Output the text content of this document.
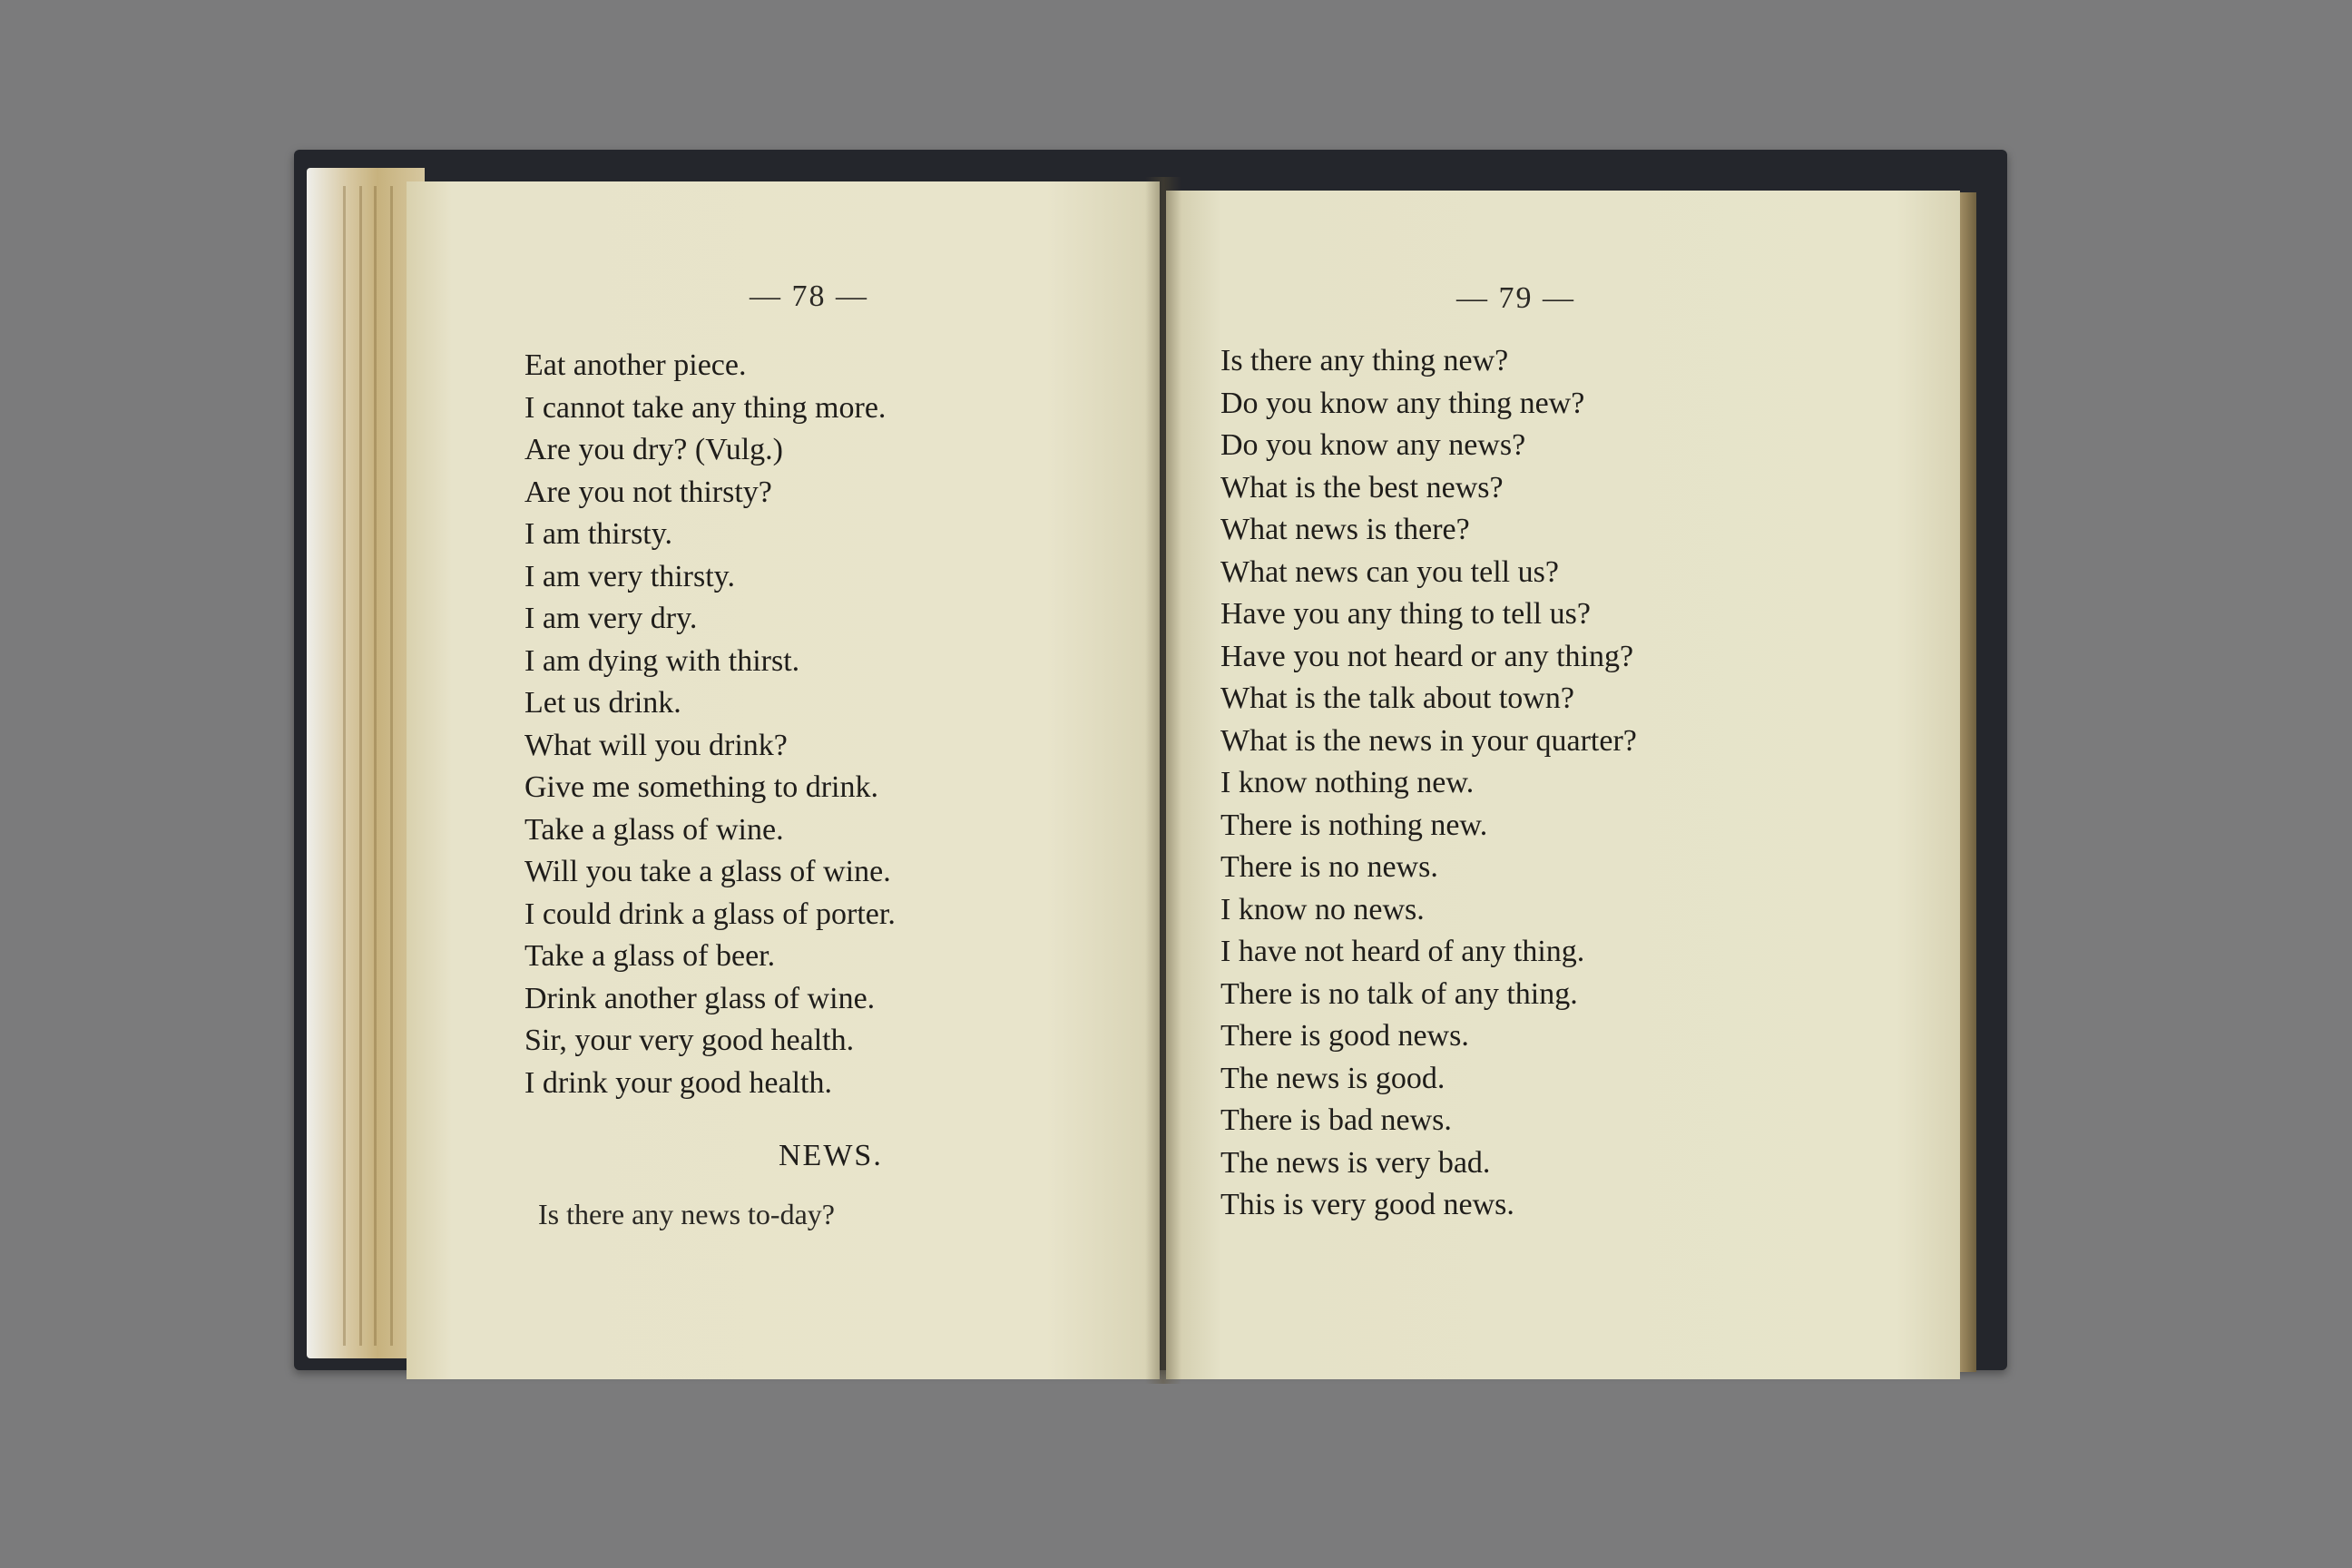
— 78 —
Eat another piece.
I cannot take any thing more.
Are you dry? (Vulg.)
Are you not thirsty?
I am thirsty.
I am very thirsty.
I am very dry.
I am dying with thirst.
Let us drink.
What will you drink?
Give me something to drink.
Take a glass of wine.
Will you take a glass of wine.
I could drink a glass of porter.
Take a glass of beer.
Drink another glass of wine.
Sir, your very good health.
I drink your good health.
NEWS.
Is there any news to-day?
— 79 —
Is there any thing new?
Do you know any thing new?
Do you know any news?
What is the best news?
What news is there?
What news can you tell us?
Have you any thing to tell us?
Have you not heard or any thing?
What is the talk about town?
What is the news in your quarter?
I know nothing new.
There is nothing new.
There is no news.
I know no news.
I have not heard of any thing.
There is no talk of any thing.
There is good news.
The news is good.
There is bad news.
The news is very bad.
This is very good news.
